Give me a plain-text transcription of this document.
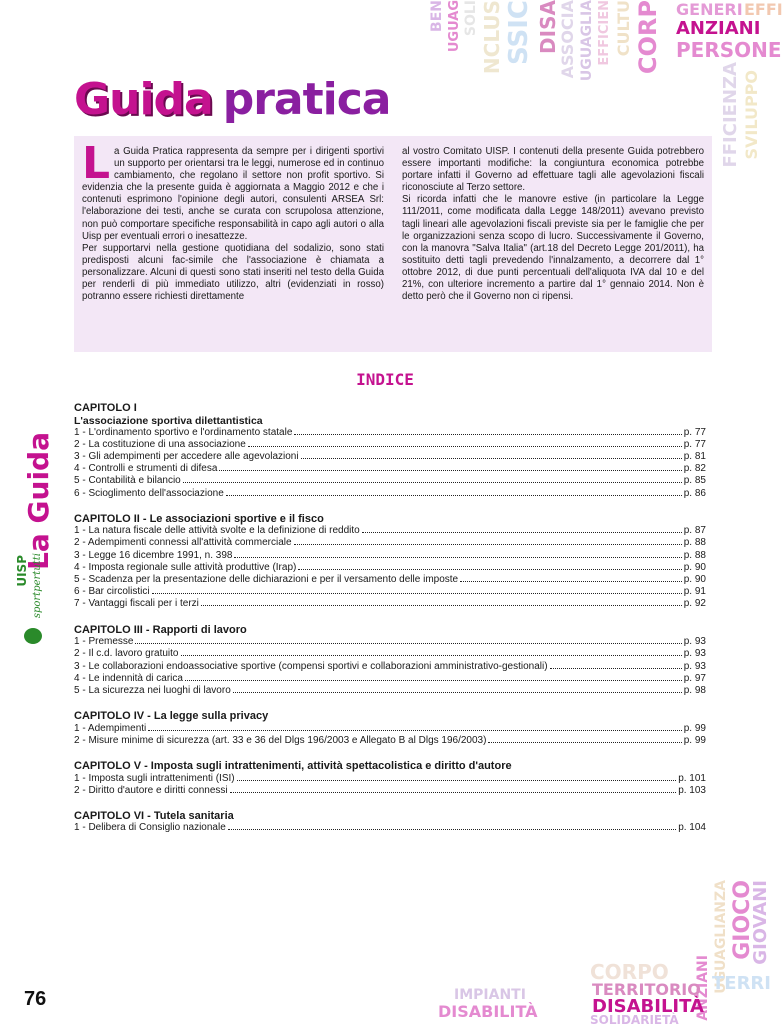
BEN UGUAG SOLI NCLUS SSIC DISA
ASSOCIA UGUAGLIA EFFICIEN CULTU CORP GENERI EFFI
ANZIANI
PERSONE
FFICIENZA SVILUPPO
UGUAGLIANZA GIOCO
GIOVANI
TERRI
ANZIANI
CORPO
TERRITORIO
DISABILITÀ
IMPIANTI
DISABILITÀ	SOLIDARIETÀ
Guida pratica
La Guida Pratica rappresenta da sempre per i dirigenti sportivi un supporto per orientarsi tra le leggi, numerose ed in continuo cambiamento, che regolano il settore non profit sportivo. Si evidenzia che la presente guida è aggiornata a Maggio 2012 e che i contenuti esprimono l'opinione degli autori, consulenti ARSEA Srl: l'elaborazione dei testi, anche se curata con scrupolosa attenzione, non può comportare specifiche responsabilità in capo agli autori o alla Uisp per eventuali errori o inesattezze.
Per supportarvi nella gestione quotidiana del sodalizio, sono stati predisposti alcuni fac-simile che l'associazione è chiamata a personalizzare. Alcuni di questi sono stati inseriti nel testo della Guida per renderli di più immediato utilizzo, altri (evidenziati in rosso) potranno essere richiesti direttamente
al vostro Comitato UISP. I contenuti della presente Guida potrebbero essere importanti modifiche: la congiuntura economica potrebbe portare infatti il Governo ad effettuare tagli alle agevolazioni fiscali riconosciute al Terzo settore.
Si ricorda infatti che le manovre estive (in particolare la Legge 111/2011, come modificata dalla Legge 148/2011) avevano previsto tagli lineari alle agevolazioni fiscali previste sia per le famiglie che per le organizzazioni senza scopo di lucro. Successivamente il Governo, con la manovra "Salva Italia" (art.18 del Decreto Legge 201/2011), ha sostituito detti tagli prevedendo l'innalzamento, a decorrere dal 1° ottobre 2012, di due punti percentuali dell'aliquota IVA dal 10 e del 21%, con ulteriore incremento a partire dal 1° gennaio 2014. Non è detto però che il Governo non ci ripensi.
INDICE
CAPITOLO I
L'associazione sportiva dilettantistica
1 - L'ordinamento sportivo e l'ordinamento statale	p. 77
2 - La costituzione di una associazione	p. 77
3 - Gli adempimenti per accedere alle agevolazioni	p. 81
4 - Controlli e strumenti di difesa	p. 82
5 - Contabilità e bilancio	p. 85
6 - Scioglimento dell'associazione	p. 86
CAPITOLO II - Le associazioni sportive e il fisco
1 - La natura fiscale delle attività svolte e la definizione di reddito	p. 87
2 - Adempimenti connessi all'attività commerciale	p. 88
3 - Legge 16 dicembre 1991, n. 398	p. 88
4 - Imposta regionale sulle attività produttive (Irap)	p. 90
5 - Scadenza per la presentazione delle dichiarazioni e per il versamento delle imposte	p. 90
6 - Bar circolistici	p. 91
7 - Vantaggi fiscali per i terzi	p. 92
CAPITOLO III - Rapporti di lavoro
1 - Premesse	p. 93
2 - Il c.d. lavoro gratuito	p. 93
3 - Le collaborazioni endoassociative sportive (compensi sportivi e collaborazioni amministrativo-gestionali)	p. 93
4 - Le indennità di carica	p. 97
5 - La sicurezza nei luoghi di lavoro	p. 98
CAPITOLO IV - La legge sulla privacy
1 - Adempimenti	p. 99
2 - Misure minime di sicurezza (art. 33 e 36 del Dlgs 196/2003 e Allegato B al Dlgs 196/2003)	p. 99
CAPITOLO V - Imposta sugli intrattenimenti, attività spettacolistica e diritto d'autore
1 - Imposta sugli intrattenimenti (ISI)	p. 101
2 - Diritto d'autore e diritti connessi	p. 103
CAPITOLO VI - Tutela sanitaria
1 - Delibera di Consiglio nazionale	p. 104
La Guida
UISP sportpertutti
76
